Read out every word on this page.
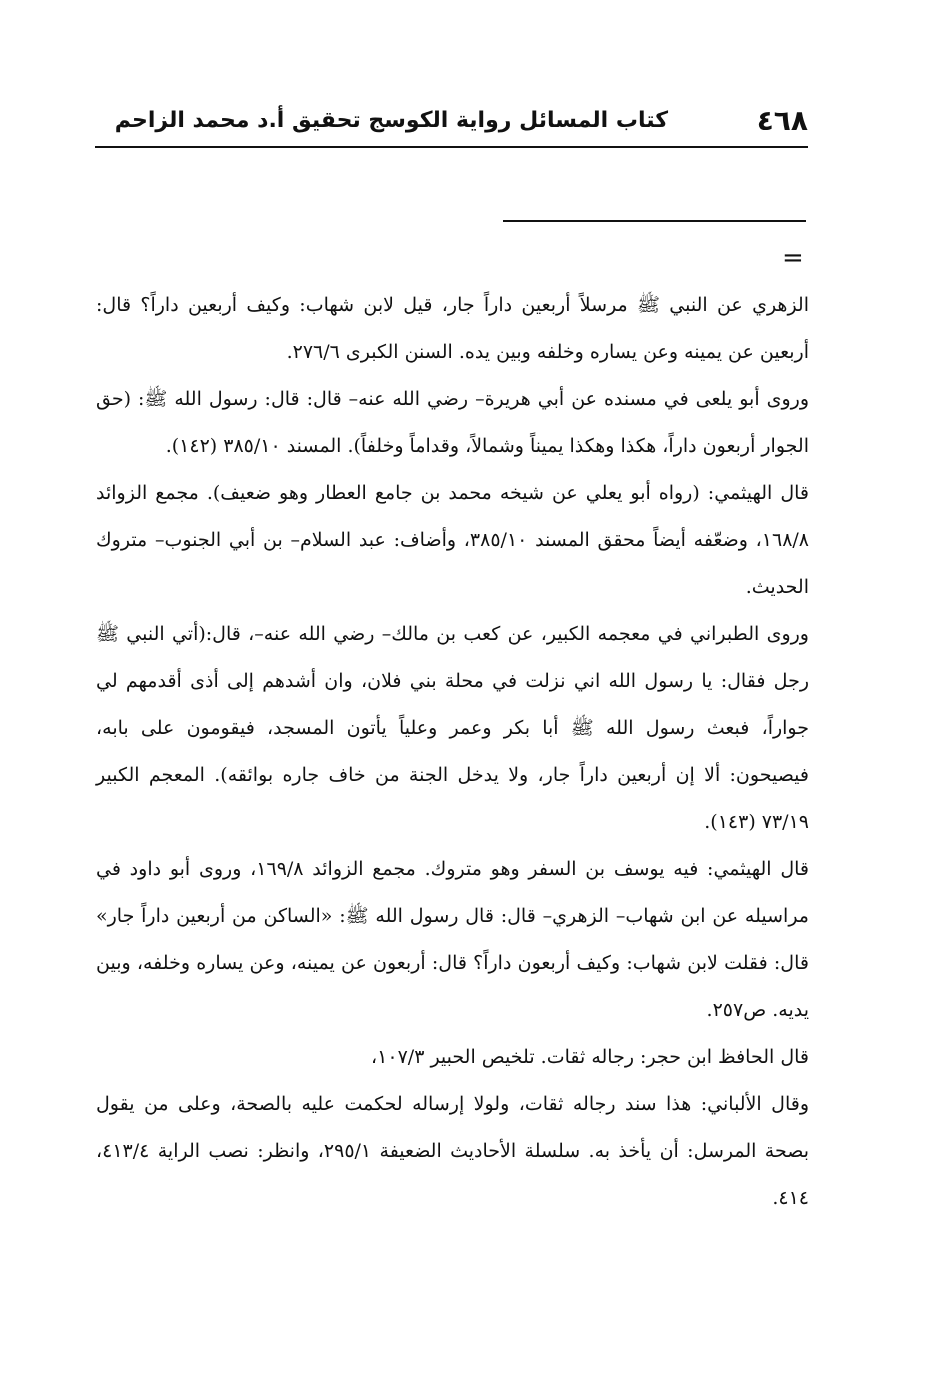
٤٦٨
كتاب المسائل رواية الكوسج تحقيق أ.د محمد الزاحم
=

الزهري عن النبي ﷺ مرسلاً أربعين داراً جار، قيل لابن شهاب: وكيف أربعين داراً؟ قال: أربعين عن يمينه وعن يساره وخلفه وبين يده. السنن الكبرى ٢٧٦/٦.

وروى أبو يلعى في مسنده عن أبي هريرة– رضي الله عنه– قال: قال: رسول الله ﷺ: (حق الجوار أربعون داراً، هكذا وهكذا يميناً وشمالاً، وقداماً وخلفاً). المسند ٣٨٥/١٠ (١٤٢).

قال الهيثمي: (رواه أبو يعلي عن شيخه محمد بن جامع العطار وهو ضعيف). مجمع الزوائد ١٦٨/٨، وضعّفه أيضاً محقق المسند ٣٨٥/١٠، وأضاف: عبد السلام– بن أبي الجنوب– متروك الحديث.

وروى الطبراني في معجمه الكبير، عن كعب بن مالك– رضي الله عنه–، قال:(أتي النبي ﷺ رجل فقال: يا رسول الله اني نزلت في محلة بني فلان، وان أشدهم إلى أذى أقدمهم لي جواراً، فبعث رسول الله ﷺ أبا بكر وعمر وعلياً يأتون المسجد، فيقومون على بابه، فيصيحون: ألا إن أربعين داراً جار، ولا يدخل الجنة من خاف جاره بوائقه). المعجم الكبير ٧٣/١٩ (١٤٣).

قال الهيثمي: فيه يوسف بن السفر وهو متروك. مجمع الزوائد ١٦٩/٨، وروى أبو داود في مراسيله عن ابن شهاب– الزهري– قال: قال رسول الله ﷺ: «الساكن من أربعين داراً جار» قال: فقلت لابن شهاب: وكيف أربعون داراً؟ قال: أربعون عن يمينه، وعن يساره وخلفه، وبين يديه. ص٢٥٧.

قال الحافظ ابن حجر: رجاله ثقات. تلخيص الحبير ١٠٧/٣،

وقال الألباني: هذا سند رجاله ثقات، ولولا إرساله لحكمت عليه بالصحة، وعلى من يقول بصحة المرسل: أن يأخذ به. سلسلة الأحاديث الضعيفة ٢٩٥/١، وانظر: نصب الراية ٤١٣/٤، ٤١٤.
